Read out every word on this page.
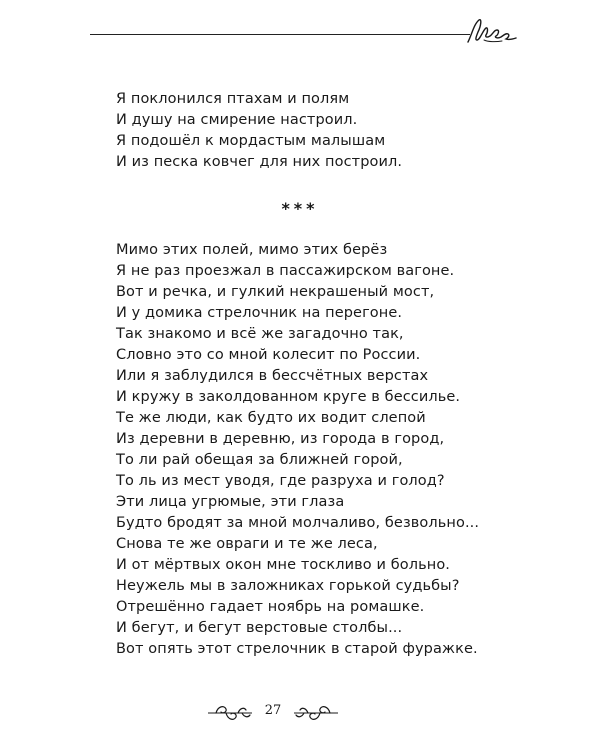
Я поклонился птахам и полям
И душу на смирение настроил.
Я подошёл к мордастым малышам
И из песка ковчег для них построил.
***
Мимо этих полей, мимо этих берёз
Я не раз проезжал в пассажирском вагоне.
Вот и речка, и гулкий некрашеный мост,
И у домика стрелочник на перегоне.
Так знакомо и всё же загадочно так,
Словно это со мной колесит по России.
Или я заблудился в бессчётных верстах
И кружу в заколдованном круге в бессилье.
Те же люди, как будто их водит слепой
Из деревни в деревню, из города в город,
То ли рай обещая за ближней горой,
То ль из мест уводя, где разруха и голод?
Эти лица угрюмые, эти глаза
Будто бродят за мной молчаливо, безвольно...
Снова те же овраги и те же леса,
И от мёртвых окон мне тоскливо и больно.
Неужель мы в заложниках горькой судьбы?
Отрешённо гадает ноябрь на ромашке.
И бегут, и бегут верстовые столбы...
Вот опять этот стрелочник в старой фуражке.
27
